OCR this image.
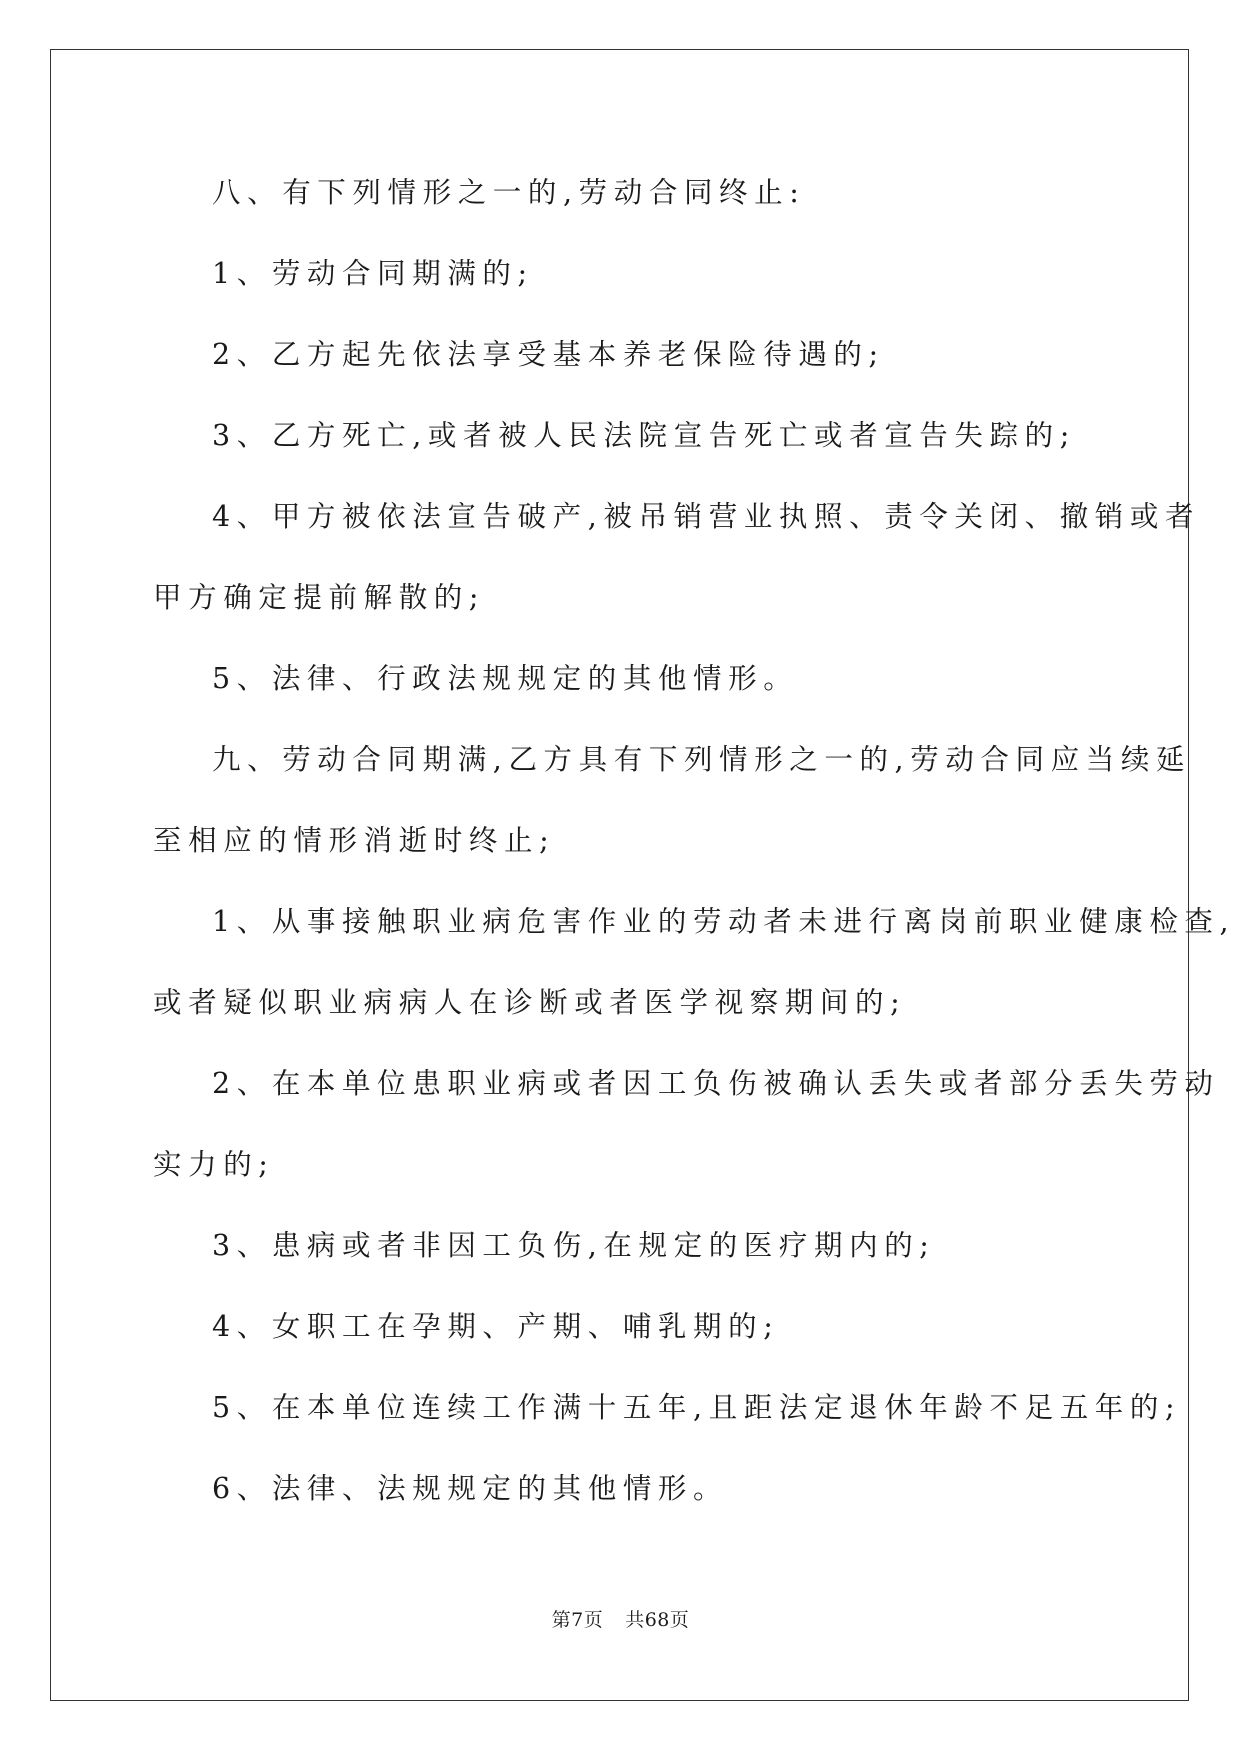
八、有下列情形之一的,劳动合同终止:
1、劳动合同期满的;
2、乙方起先依法享受基本养老保险待遇的;
3、乙方死亡,或者被人民法院宣告死亡或者宣告失踪的;
4、甲方被依法宣告破产,被吊销营业执照、责令关闭、撤销或者
甲方确定提前解散的;
5、法律、行政法规规定的其他情形。
九、劳动合同期满,乙方具有下列情形之一的,劳动合同应当续延
至相应的情形消逝时终止;
1、从事接触职业病危害作业的劳动者未进行离岗前职业健康检查,
或者疑似职业病病人在诊断或者医学视察期间的;
2、在本单位患职业病或者因工负伤被确认丢失或者部分丢失劳动
实力的;
3、患病或者非因工负伤,在规定的医疗期内的;
4、女职工在孕期、产期、哺乳期的;
5、在本单位连续工作满十五年,且距法定退休年龄不足五年的;
6、法律、法规规定的其他情形。
第7页 共68页
